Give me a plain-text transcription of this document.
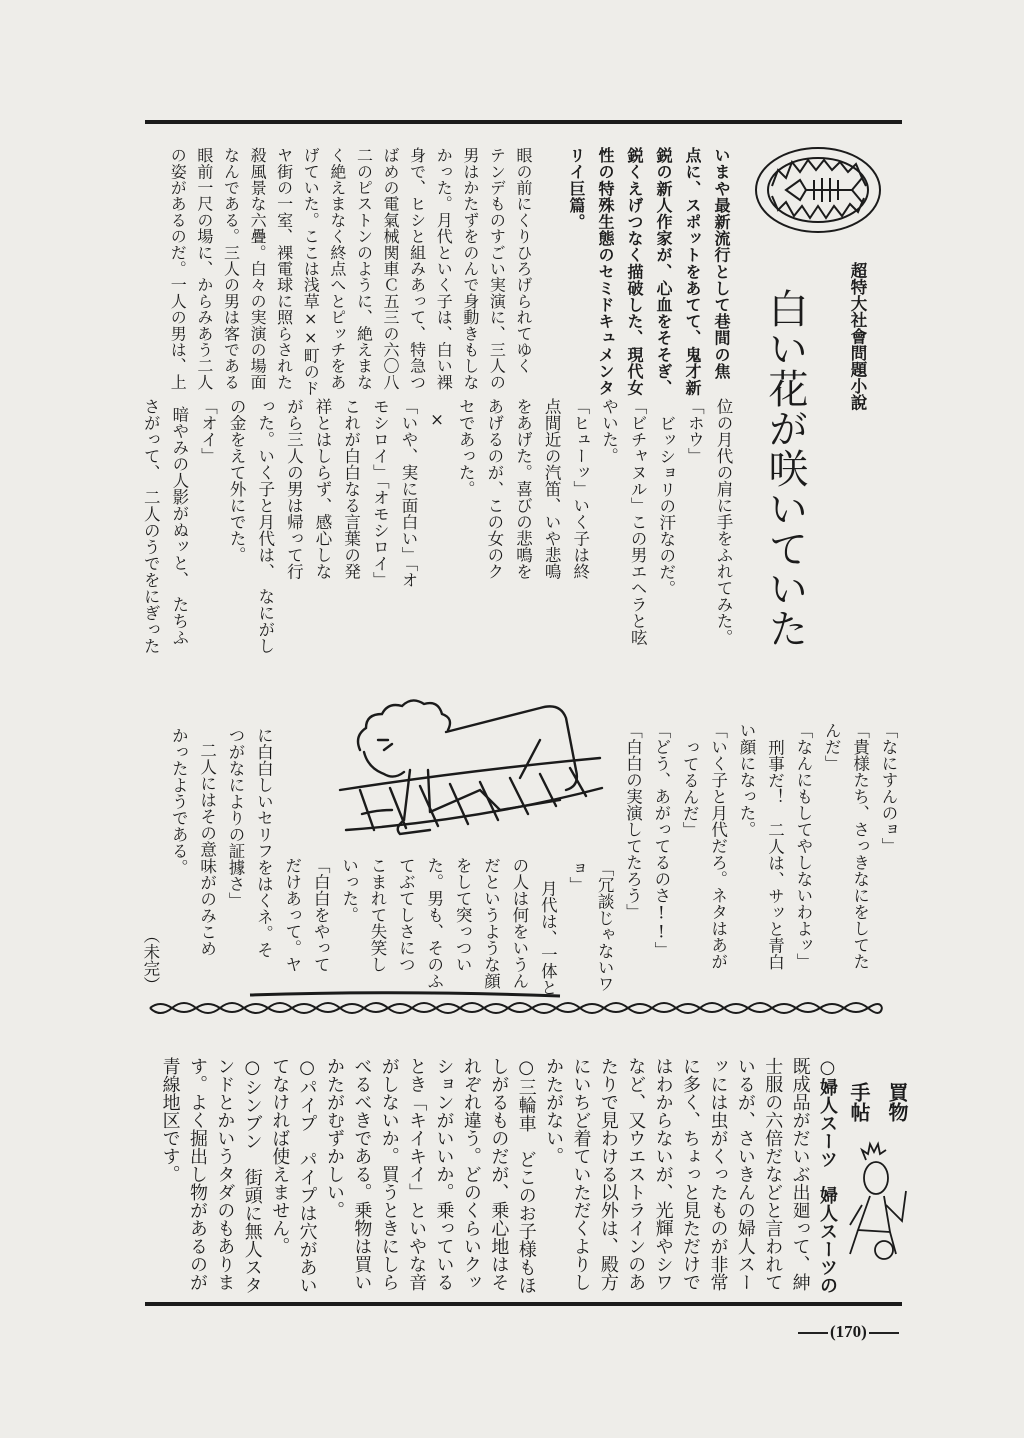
超特大社會問題小說
白い花が咲いていた
いまや最新流行として巷間の焦
点に、スポットをあてて、鬼才新
鋭の新人作家が、心血をそそぎ、
鋭くえげつなく描破した、現代女
性の特殊生態のセミドキュメンタ
リイ巨篇。
眼の前にくりひろげられてゆく
テンデものすごい実演に、三人の
男はかたずをのんで身動きもしな
かった。月代といく子は、白い裸
身で、ヒシと組みあって、特急つ
ばめの電氣械関車Ｃ五三の六〇八
二のピストンのように、絶えまな
く絶えまなく終点へとピッチをあ
げていた。ここは浅草××町のド
ヤ街の一室、裸電球に照らされた
殺風景な六疊。白々の実演の場面
なんである。三人の男は客である
眼前一尺の場に、からみあう二人
の姿があるのだ。一人の男は、上
位の月代の肩に手をふれてみた。
「ホウ」
ビッショリの汗なのだ。
「ビチャヌル」この男エヘラと呟
やいた。
「ヒューッ」いく子は終
点間近の汽笛、いや悲鳴
をあげた。喜びの悲鳴を
あげるのが、この女のク
セであった。
×
「いや、実に面白い」「オ
モシロイ」「オモシロイ」
これが白白なる言葉の発
祥とはしらず、感心しな
がら三人の男は帰って行
った。いく子と月代は、　なにがし
の金をえて外にでた。
「オイ」
暗やみの人影がぬッと、　たちふ
さがって、　二人のうでをにぎった
「なにすんのョ」
「貴様たち、さっきなにをしてた
んだ」
「なんにもしてやしないわよッ」
刑事だ！　二人は、サッと青白
い顔になった。
「いく子と月代だろ。ネタはあが
ってるんだ」
「どう、あがってるのさ!!」
「白白の実演してたろう」
「冗談じゃないワ
ョ」
月代は、一体と
の人は何をいうん
だというような顔
をして突っつい
た。男も、そのふ
てぶてしさにつ
こまれて失笑し
いった。
「白白をやって
だけあって。ヤ
に白白しいセリフをはくネ。そ
つがなによりの証據さ」
二人にはその意味がのみこめ
かったようである。
（未完）
買物
手帖
○婦人スーツ　婦人スーツの
既成品がだいぶ出廻って、紳
士服の六倍だなどと言われて
いるが、さいきんの婦人スー
ッには虫がくったものが非常
に多く、ちょっと見ただけで
はわからないが、光輝やシワ
など、又ウエストラインのあ
たりで見わける以外は、殿方
にいちど着ていただくよりし
かたがない。
○三輪車　どこのお子様もほ
しがるものだが、乗心地はそ
れぞれ違う。どのくらいクッ
ションがいいか。乗っている
とき「キイキイ」といやな音
がしないか。買うときにしら
べるべきである。乗物は買い
かたがむずかしい。
○パイプ　パイプは穴があい
てなければ使えません。
○シンブン　街頭に無人スタ
ンドとかいうタダのもありま
す。よく掘出し物があるのが
青線地区です。
(170)
